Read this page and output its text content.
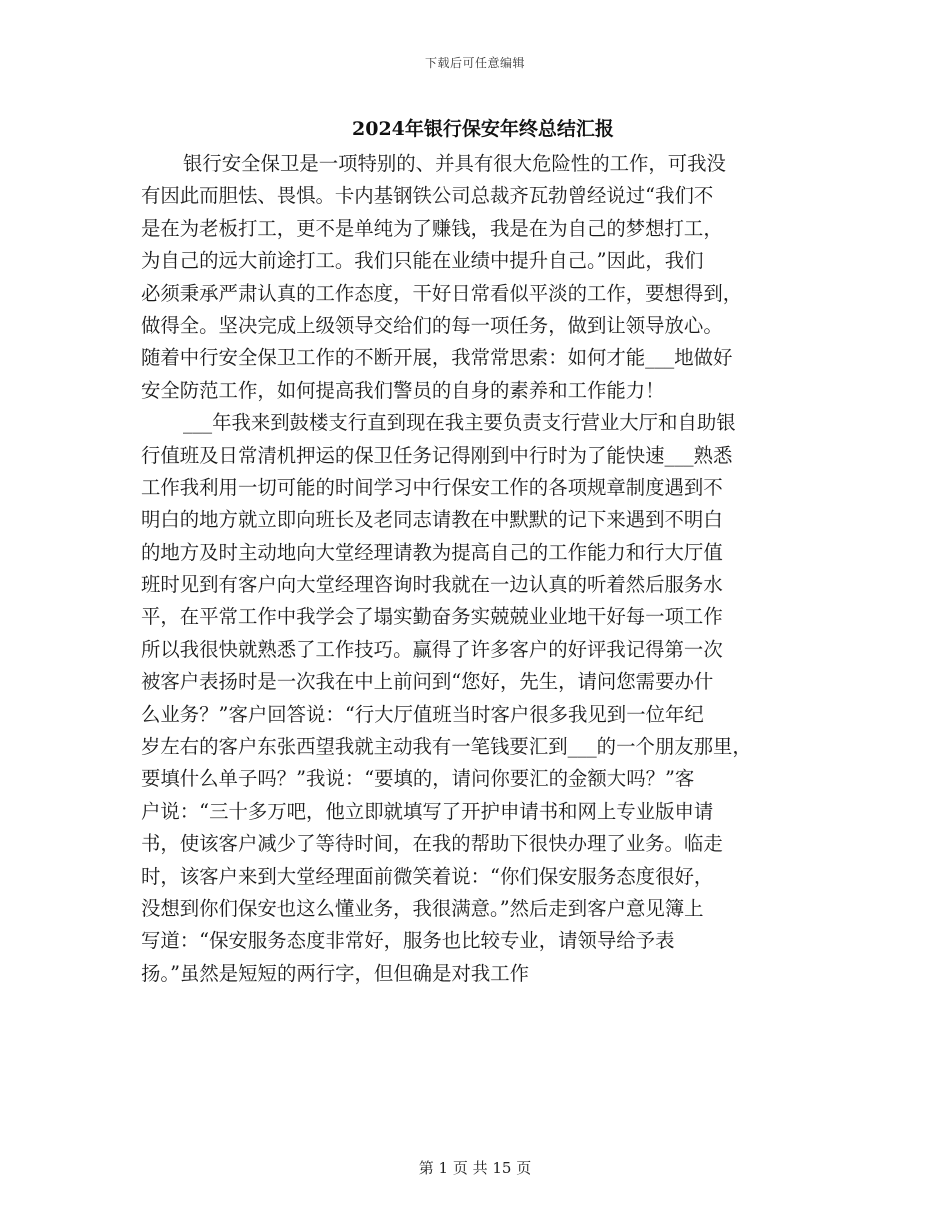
下载后可任意编辑
2024年银行保安年终总结汇报
银行安全保卫是一项特别的、并具有很大危险性的工作，可我没
有因此而胆怯、畏惧。卡内基钢铁公司总裁齐瓦勃曾经说过“我们不
是在为老板打工，更不是单纯为了赚钱，我是在为自己的梦想打工，
为自己的远大前途打工。我们只能在业绩中提升自己。”因此，我们
必须秉承严肃认真的工作态度，干好日常看似平淡的工作，要想得到，
做得全。坚决完成上级领导交给们的每一项任务，做到让领导放心。
随着中行安全保卫工作的不断开展，我常常思索：如何才能___地做好
安全防范工作，如何提高我们警员的自身的素养和工作能力！
___年我来到鼓楼支行直到现在我主要负责支行营业大厅和自助银
行值班及日常清机押运的保卫任务记得刚到中行时为了能快速___熟悉
工作我利用一切可能的时间学习中行保安工作的各项规章制度遇到不
明白的地方就立即向班长及老同志请教在中默默的记下来遇到不明白
的地方及时主动地向大堂经理请教为提高自己的工作能力和行大厅值
班时见到有客户向大堂经理咨询时我就在一边认真的听着然后服务水
平，在平常工作中我学会了塌实勤奋务实兢兢业业地干好每一项工作
所以我很快就熟悉了工作技巧。赢得了许多客户的好评我记得第一次
被客户表扬时是一次我在中上前问到“您好，先生，请问您需要办什
么业务？”客户回答说：“行大厅值班当时客户很多我见到一位年纪
岁左右的客户东张西望我就主动我有一笔钱要汇到___的一个朋友那里，
要填什么单子吗？”我说：“要填的，请问你要汇的金额大吗？”客
户说：“三十多万吧，他立即就填写了开护申请书和网上专业版申请
书，使该客户减少了等待时间，在我的帮助下很快办理了业务。临走
时，该客户来到大堂经理面前微笑着说：“你们保安服务态度很好，
没想到你们保安也这么懂业务，我很满意。”然后走到客户意见簿上
写道：“保安服务态度非常好，服务也比较专业，请领导给予表
扬。”虽然是短短的两行字，但但确是对我工作
第 1 页 共 15 页
